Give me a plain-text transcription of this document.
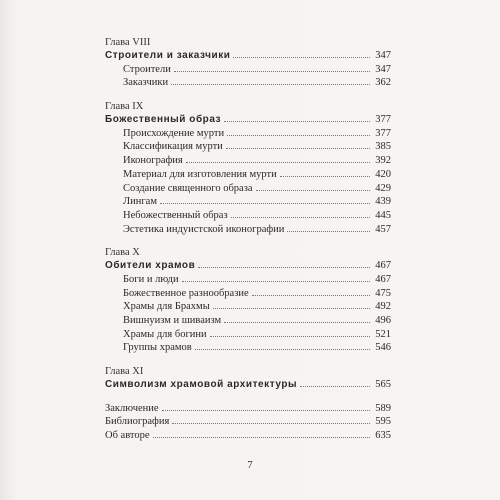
Глава VIII
Строители и заказчики	347
Строители	347
Заказчики	362
Глава IX
Божественный образ	377
Происхождение мурти	377
Классификация мурти	385
Иконография	392
Материал для изготовления мурти	420
Создание священного образа	429
Лингам	439
Небожественный образ	445
Эстетика индуистской иконографии	457
Глава X
Обители храмов	467
Боги и люди	467
Божественное разнообразие	475
Храмы для Брахмы	492
Вишнуизм и шиваизм	496
Храмы для богини	521
Группы храмов	546
Глава XI
Символизм храмовой архитектуры	565
Заключение	589
Библиография	595
Об авторе	635
7
